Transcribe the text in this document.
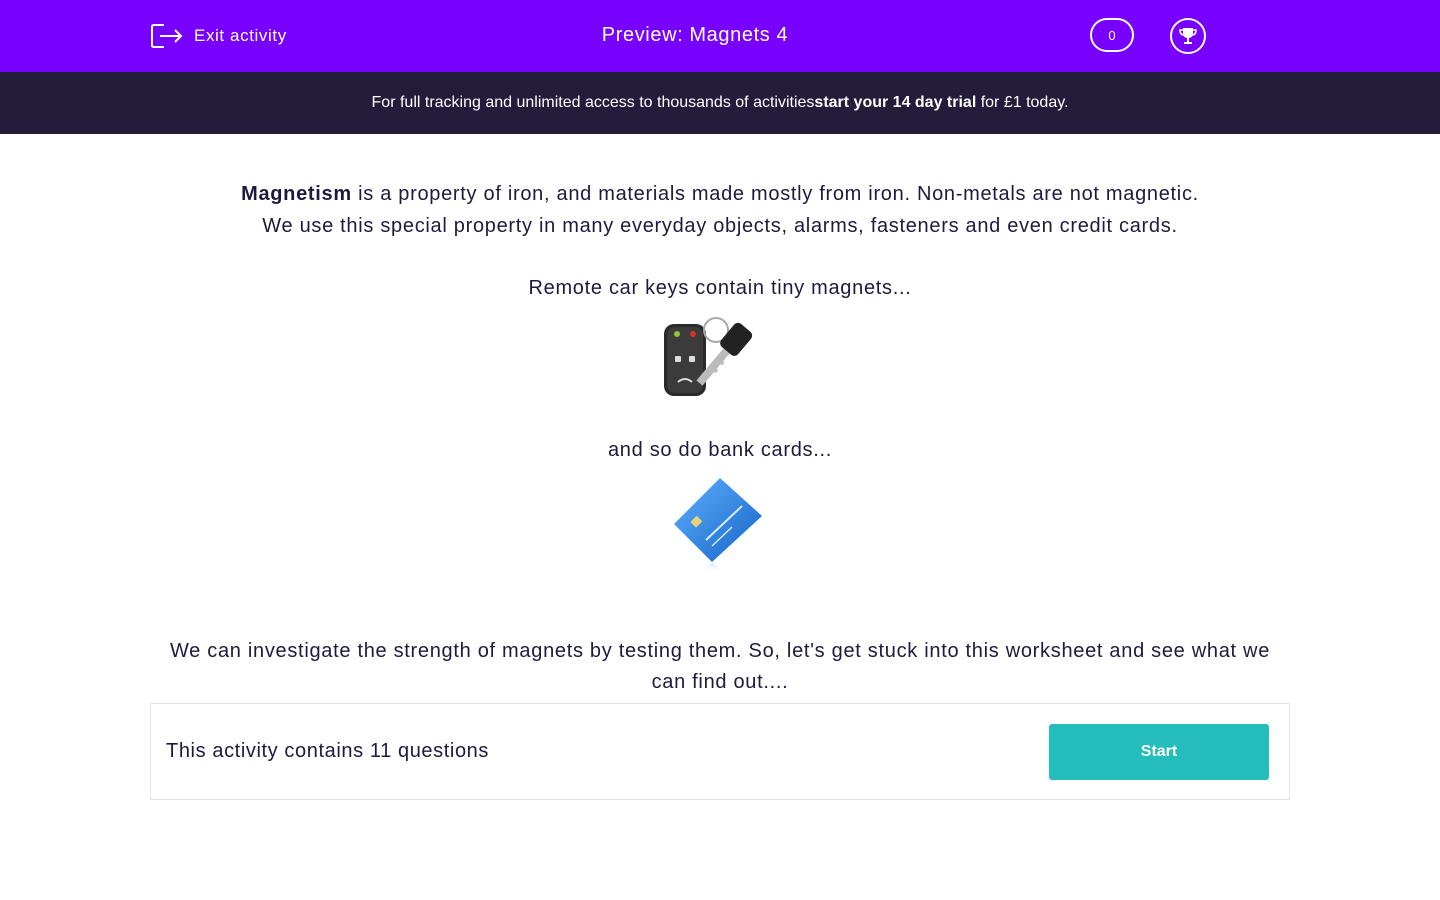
Exit activity	Preview: Magnets 4	0
For full tracking and unlimited access to thousands of activities start your 14 day trial for £1 today.

Magnetism is a property of iron, and materials made mostly from iron. Non-metals are not magnetic.
We use this special property in many everyday objects, alarms, fasteners and even credit cards.

Remote car keys contain tiny magnets...

and so do bank cards...

We can investigate the strength of magnets by testing them. So, let's get stuck into this worksheet and see what we can find out....

This activity contains 11 questions	Start
